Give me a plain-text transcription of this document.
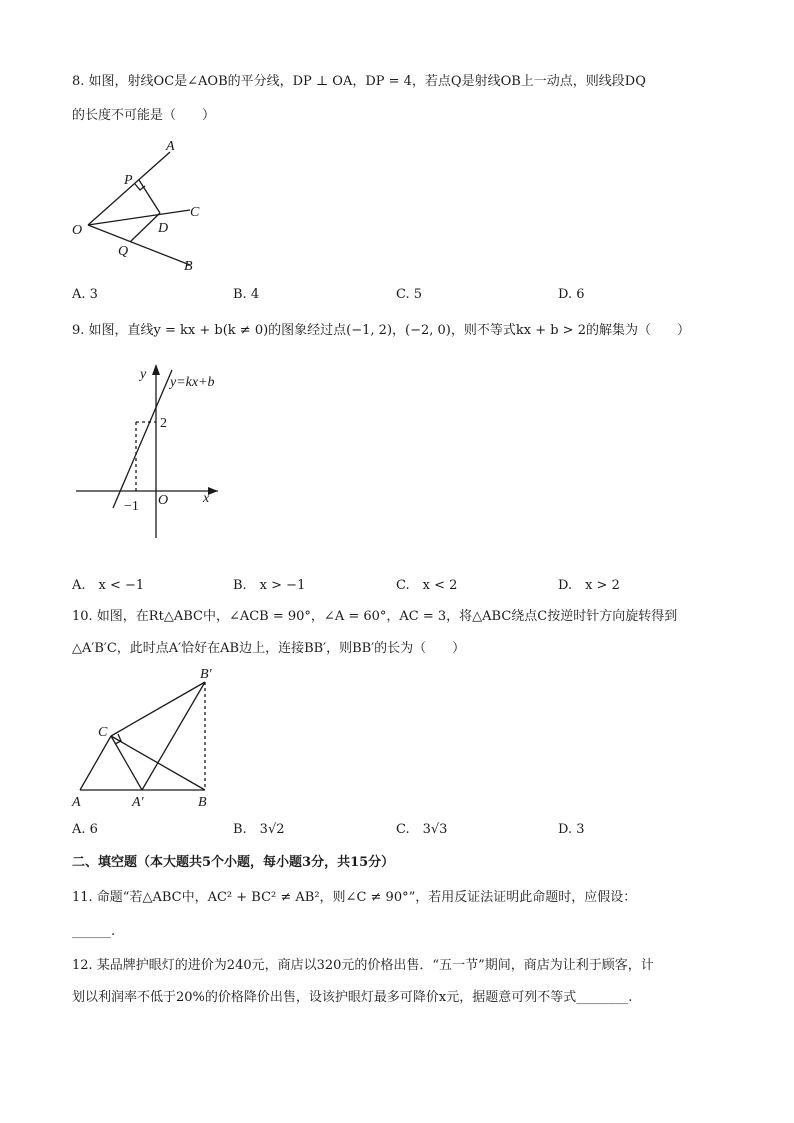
8. 如图，射线OC是∠AOB的平分线，DP ⊥ OA，DP = 4，若点Q是射线OB上一动点，则线段DQ
的长度不可能是（　　）
A
P
C
O	D
Q
B
A. 3	B. 4	C. 5	D. 6
9. 如图，直线y = kx + b(k ≠ 0)的图象经过点(−1, 2)，(−2, 0)，则不等式kx + b > 2的解集为（　　）
y
y=kx+b
2
−1 O x
A.　x < −1	B.　x > −1	C.　x < 2	D.　x > 2
10. 如图，在Rt△ABC中，∠ACB = 90°，∠A = 60°，AC = 3，将△ABC绕点C按逆时针方向旋转得到
△A′B′C，此时点A′恰好在AB边上，连接BB′，则BB′的长为（　　）
B′
C
A	A′	B
A. 6	B.　3√2	C.　3√3	D. 3
二、填空题（本大题共5个小题，每小题3分，共15分）
11. 命题“若△ABC中，AC² + BC² ≠ AB²，则∠C ≠ 90°”，若用反证法证明此命题时，应假设：
______.
12. 某品牌护眼灯的进价为240元，商店以320元的价格出售．“五一节”期间，商店为让利于顾客，计
划以利润率不低于20%的价格降价出售，设该护眼灯最多可降价x元，据题意可列不等式________.
